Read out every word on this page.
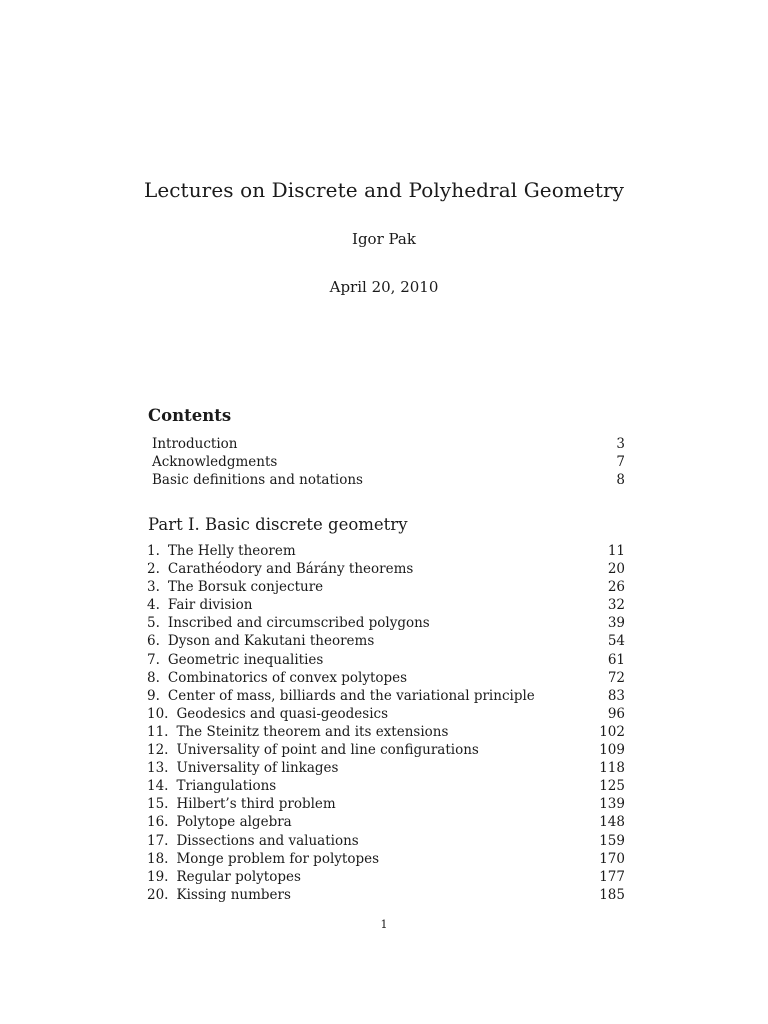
Lectures on Discrete and Polyhedral Geometry
Igor Pak
April 20, 2010
Contents
Introduction	3
Acknowledgments	7
Basic definitions and notations	8
Part I. Basic discrete geometry
1. The Helly theorem	11
2. Carathéodory and Bárány theorems	20
3. The Borsuk conjecture	26
4. Fair division	32
5. Inscribed and circumscribed polygons	39
6. Dyson and Kakutani theorems	54
7. Geometric inequalities	61
8. Combinatorics of convex polytopes	72
9. Center of mass, billiards and the variational principle	83
10. Geodesics and quasi-geodesics	96
11. The Steinitz theorem and its extensions	102
12. Universality of point and line configurations	109
13. Universality of linkages	118
14. Triangulations	125
15. Hilbert’s third problem	139
16. Polytope algebra	148
17. Dissections and valuations	159
18. Monge problem for polytopes	170
19. Regular polytopes	177
20. Kissing numbers	185
1
